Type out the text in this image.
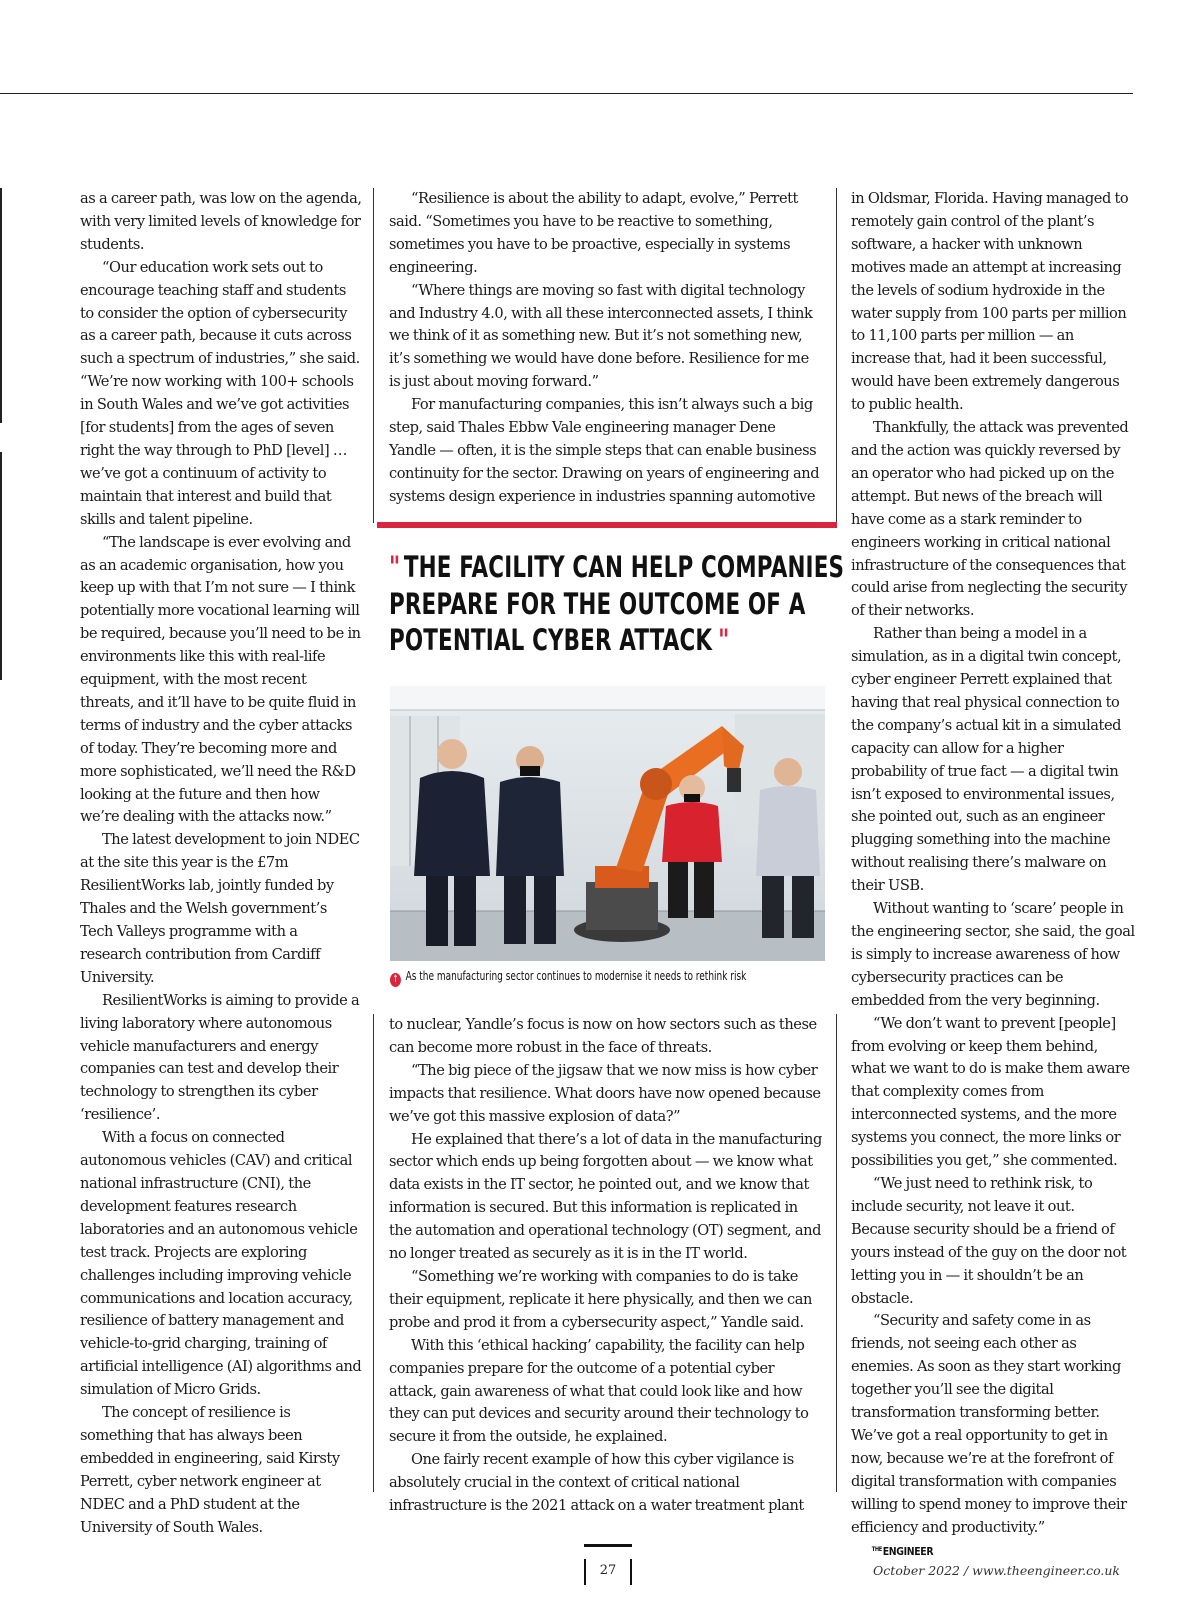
as a career path, was low on the agenda, with very limited levels of knowledge for students.

“Our education work sets out to encourage teaching staff and students to consider the option of cybersecurity as a career path, because it cuts across such a spectrum of industries,” she said. “We’re now working with 100+ schools in South Wales and we’ve got activities [for students] from the ages of seven right the way through to PhD [level] … we’ve got a continuum of activity to maintain that interest and build that skills and talent pipeline.

“The landscape is ever evolving and as an academic organisation, how you keep up with that I’m not sure — I think potentially more vocational learning will be required, because you’ll need to be in environments like this with real-life equipment, with the most recent threats, and it’ll have to be quite fluid in terms of industry and the cyber attacks of today. They’re becoming more and more sophisticated, we’ll need the R&D looking at the future and then how we’re dealing with the attacks now.”

The latest development to join NDEC at the site this year is the £7m ResilientWorks lab, jointly funded by Thales and the Welsh government’s Tech Valleys programme with a research contribution from Cardiff University.

ResilientWorks is aiming to provide a living laboratory where autonomous vehicle manufacturers and energy companies can test and develop their technology to strengthen its cyber ‘resilience’.

With a focus on connected autonomous vehicles (CAV) and critical national infrastructure (CNI), the development features research laboratories and an autonomous vehicle test track. Projects are exploring challenges including improving vehicle communications and location accuracy, resilience of battery management and vehicle-to-grid charging, training of artificial intelligence (AI) algorithms and simulation of Micro Grids.

The concept of resilience is something that has always been embedded in engineering, said Kirsty Perrett, cyber network engineer at NDEC and a PhD student at the University of South Wales.

“Resilience is about the ability to adapt, evolve,” Perrett said. “Sometimes you have to be reactive to something, sometimes you have to be proactive, especially in systems engineering.

“Where things are moving so fast with digital technology and Industry 4.0, with all these interconnected assets, I think we think of it as something new. But it’s not something new, it’s something we would have done before. Resilience for me is just about moving forward.”

For manufacturing companies, this isn’t always such a big step, said Thales Ebbw Vale engineering manager Dene Yandle — often, it is the simple steps that can enable business continuity for the sector. Drawing on years of engineering and systems design experience in industries spanning automotive

" THE FACILITY CAN HELP COMPANIES
PREPARE FOR THE OUTCOME OF A
POTENTIAL CYBER ATTACK "
↑ As the manufacturing sector continues to modernise it needs to rethink risk

to nuclear, Yandle’s focus is now on how sectors such as these can become more robust in the face of threats.

“The big piece of the jigsaw that we now miss is how cyber impacts that resilience. What doors have now opened because we’ve got this massive explosion of data?”

He explained that there’s a lot of data in the manufacturing sector which ends up being forgotten about — we know what data exists in the IT sector, he pointed out, and we know that information is secured. But this information is replicated in the automation and operational technology (OT) segment, and no longer treated as securely as it is in the IT world.

“Something we’re working with companies to do is take their equipment, replicate it here physically, and then we can probe and prod it from a cybersecurity aspect,” Yandle said.

With this ‘ethical hacking’ capability, the facility can help companies prepare for the outcome of a potential cyber attack, gain awareness of what that could look like and how they can put devices and security around their technology to secure it from the outside, he explained.

One fairly recent example of how this cyber vigilance is absolutely crucial in the context of critical national infrastructure is the 2021 attack on a water treatment plant

in Oldsmar, Florida. Having managed to remotely gain control of the plant’s software, a hacker with unknown motives made an attempt at increasing the levels of sodium hydroxide in the water supply from 100 parts per million to 11,100 parts per million — an increase that, had it been successful, would have been extremely dangerous to public health.

Thankfully, the attack was prevented and the action was quickly reversed by an operator who had picked up on the attempt. But news of the breach will have come as a stark reminder to engineers working in critical national infrastructure of the consequences that could arise from neglecting the security of their networks.

Rather than being a model in a simulation, as in a digital twin concept, cyber engineer Perrett explained that having that real physical connection to the company’s actual kit in a simulated capacity can allow for a higher probability of true fact — a digital twin isn’t exposed to environmental issues, she pointed out, such as an engineer plugging something into the machine without realising there’s malware on their USB.

Without wanting to ‘scare’ people in the engineering sector, she said, the goal is simply to increase awareness of how cybersecurity practices can be embedded from the very beginning.

“We don’t want to prevent [people] from evolving or keep them behind, what we want to do is make them aware that complexity comes from interconnected systems, and the more systems you connect, the more links or possibilities you get,” she commented.

“We just need to rethink risk, to include security, not leave it out. Because security should be a friend of yours instead of the guy on the door not letting you in — it shouldn’t be an obstacle.

“Security and safety come in as friends, not seeing each other as enemies. As soon as they start working together you’ll see the digital transformation transforming better. We’ve got a real opportunity to get in now, because we’re at the forefront of digital transformation with companies willing to spend money to improve their efficiency and productivity.”$^{THE}$ENGINEER

27	October 2022 / www.theengineer.co.uk
